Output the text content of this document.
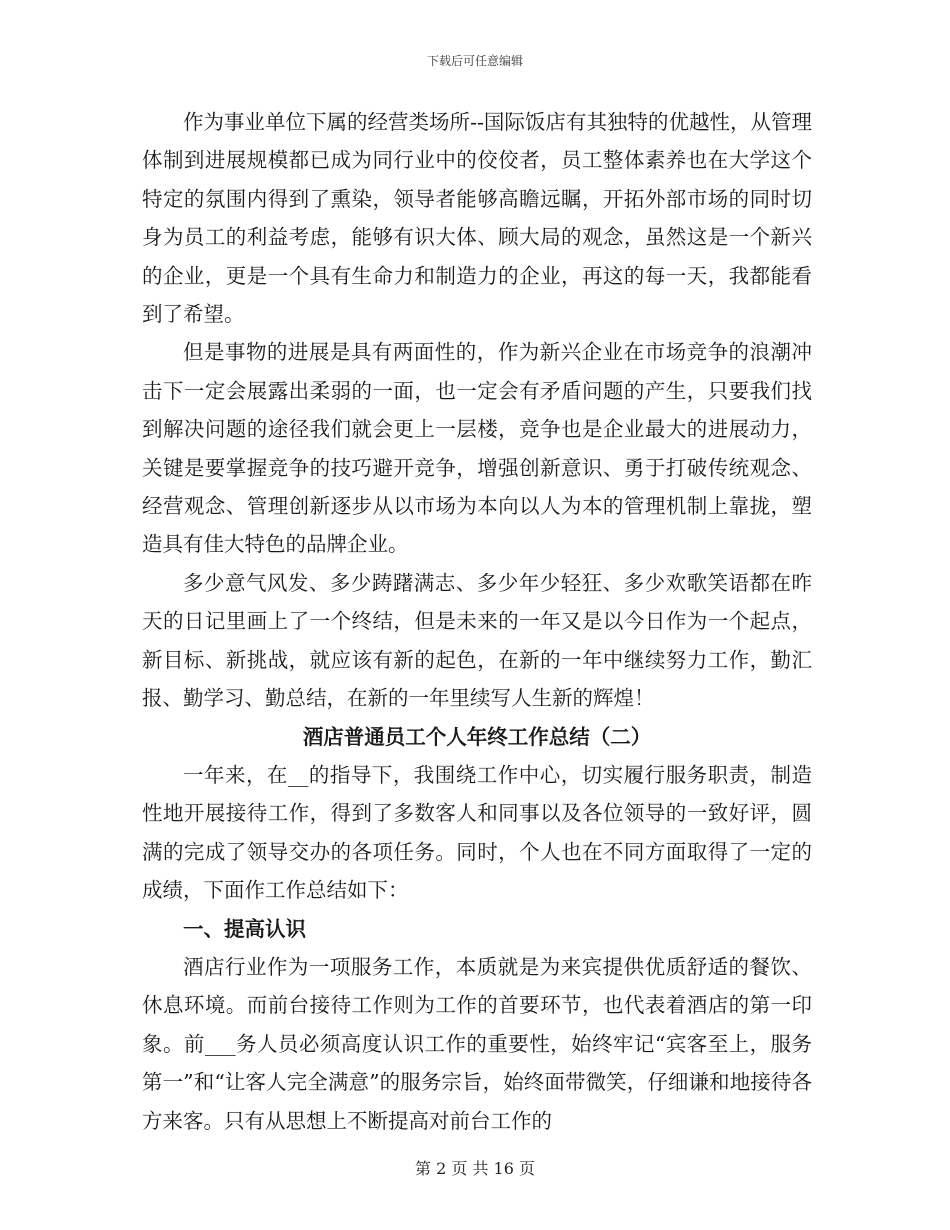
下载后可任意编辑

作为事业单位下属的经营类场所--国际饭店有其独特的优越性，从管理体制到进展规模都已成为同行业中的佼佼者，员工整体素养也在大学这个特定的氛围内得到了熏染，领导者能够高瞻远瞩，开拓外部市场的同时切身为员工的利益考虑，能够有识大体、顾大局的观念，虽然这是一个新兴的企业，更是一个具有生命力和制造力的企业，再这的每一天，我都能看到了希望。

但是事物的进展是具有两面性的，作为新兴企业在市场竞争的浪潮冲击下一定会展露出柔弱的一面，也一定会有矛盾问题的产生，只要我们找到解决问题的途径我们就会更上一层楼，竞争也是企业最大的进展动力，关键是要掌握竞争的技巧避开竞争，增强创新意识、勇于打破传统观念、经营观念、管理创新逐步从以市场为本向以人为本的管理机制上靠拢，塑造具有佳大特色的品牌企业。

多少意气风发、多少踌躇满志、多少年少轻狂、多少欢歌笑语都在昨天的日记里画上了一个终结，但是未来的一年又是以今日作为一个起点，新目标、新挑战，就应该有新的起色，在新的一年中继续努力工作，勤汇报、勤学习、勤总结，在新的一年里续写人生新的辉煌！

酒店普通员工个人年终工作总结（二）

一年来，在__的指导下，我围绕工作中心，切实履行服务职责，制造性地开展接待工作，得到了多数客人和同事以及各位领导的一致好评，圆满的完成了领导交办的各项任务。同时，个人也在不同方面取得了一定的成绩，下面作工作总结如下：

一、提高认识

酒店行业作为一项服务工作，本质就是为来宾提供优质舒适的餐饮、休息环境。而前台接待工作则为工作的首要环节，也代表着酒店的第一印象。前___务人员必须高度认识工作的重要性，始终牢记“宾客至上，服务第一”和“让客人完全满意”的服务宗旨，始终面带微笑，仔细谦和地接待各方来客。只有从思想上不断提高对前台工作的

第 2 页 共 16 页
